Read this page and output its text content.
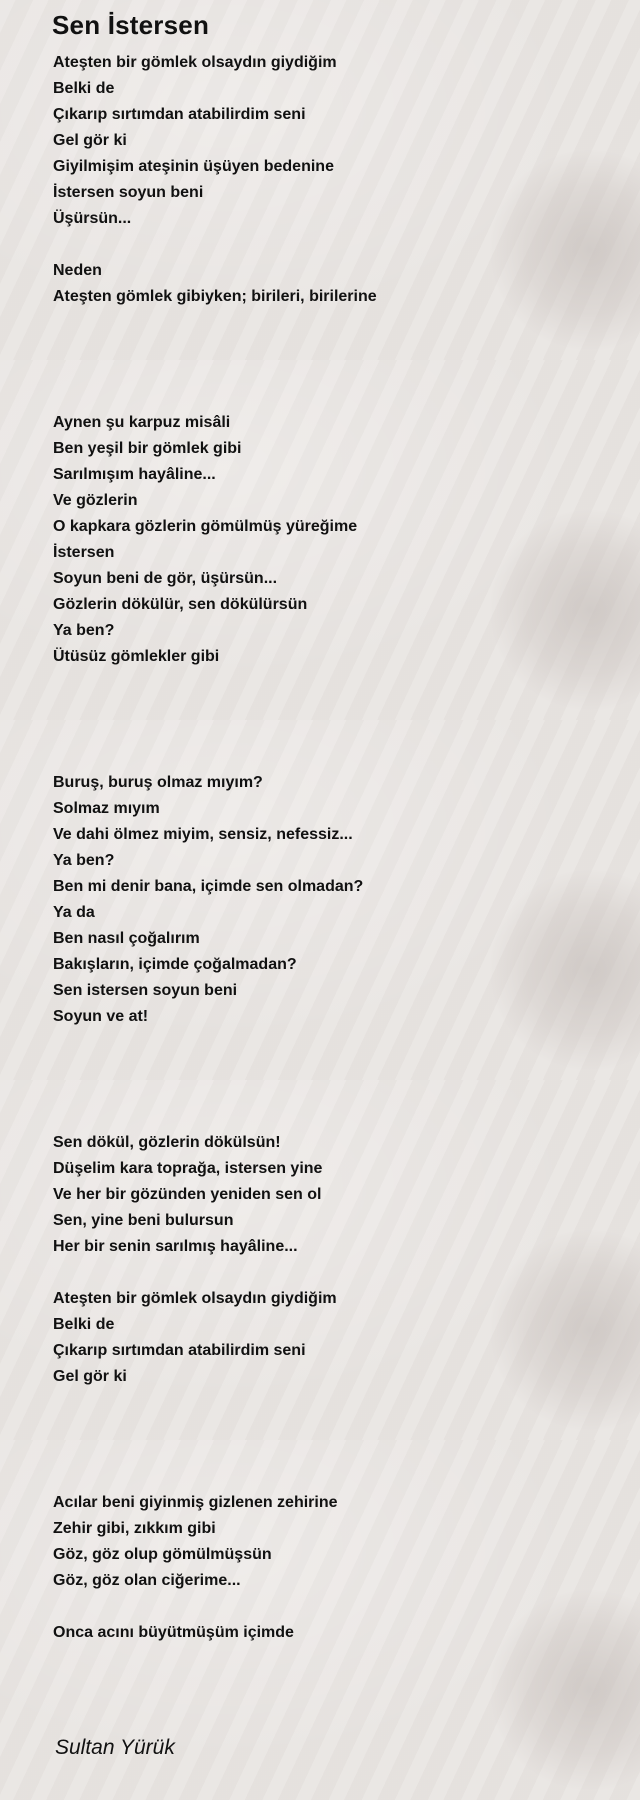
Sen İstersen
Ateşten bir gömlek olsaydın giydiğim
Belki de
Çıkarıp sırtımdan atabilirdim seni
Gel gör ki
Giyilmişim ateşinin üşüyen bedenine
İstersen soyun beni
Üşürsün...
Neden
Ateşten gömlek gibiyken; birileri, birilerine
Aynen şu karpuz misâli
Ben yeşil bir gömlek gibi
Sarılmışım hayâline...
Ve gözlerin
O kapkara gözlerin gömülmüş yüreğime
İstersen
Soyun beni de gör, üşürsün...
Gözlerin dökülür, sen dökülürsün
Ya ben?
Ütüsüz gömlekler gibi
Buruş, buruş olmaz mıyım?
Solmaz mıyım
Ve dahi ölmez miyim, sensiz, nefessiz...
Ya ben?
Ben mi denir bana, içimde sen olmadan?
Ya da
Ben nasıl çoğalırım
Bakışların, içimde çoğalmadan?
Sen istersen soyun beni
Soyun ve at!
Sen dökül, gözlerin dökülsün!
Düşelim kara toprağa, istersen yine
Ve her bir gözünden yeniden sen ol
Sen, yine beni bulursun
Her bir senin sarılmış hayâline...
Ateşten bir gömlek olsaydın giydiğim
Belki de
Çıkarıp sırtımdan atabilirdim seni
Gel gör ki
Acılar beni giyinmiş gizlenen zehirine
Zehir gibi, zıkkım gibi
Göz, göz olup gömülmüşsün
Göz, göz olan ciğerime...
Onca acını büyütmüşüm içimde
Sultan Yürük
